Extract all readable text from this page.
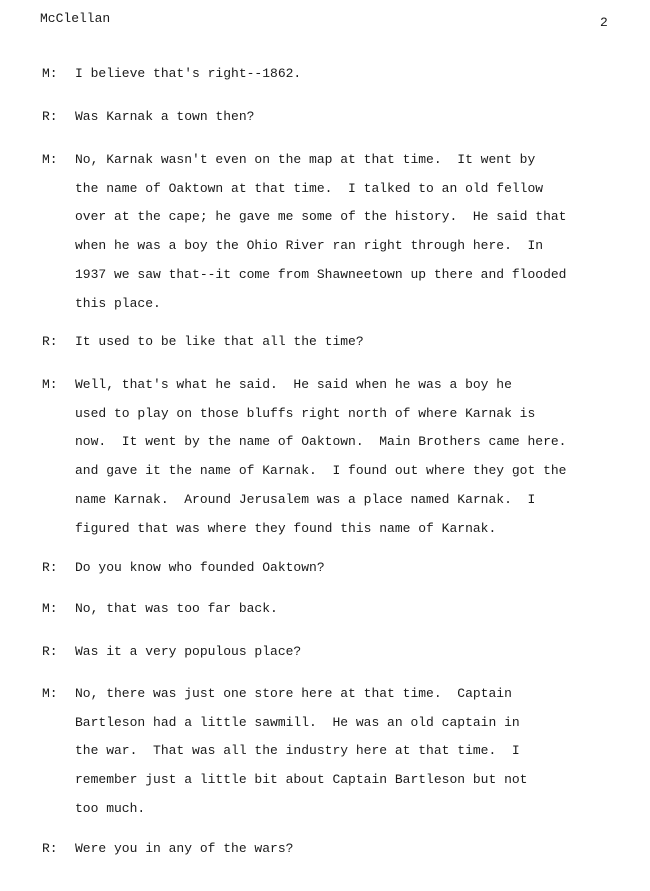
McClellan	2
M: I believe that's right--1862.
R: Was Karnak a town then?
M: No, Karnak wasn't even on the map at that time.  It went by
the name of Oaktown at that time.  I talked to an old fellow
over at the cape; he gave me some of the history.  He said that
when he was a boy the Ohio River ran right through here.  In
1937 we saw that--it come from Shawneetown up there and flooded
this place.
R: It used to be like that all the time?
M: Well, that's what he said.  He said when he was a boy he
used to play on those bluffs right north of where Karnak is
now.  It went by the name of Oaktown.  Main Brothers came here.
and gave it the name of Karnak.  I found out where they got the
name Karnak.  Around Jerusalem was a place named Karnak.  I
figured that was where they found this name of Karnak.
R: Do you know who founded Oaktown?
M: No, that was too far back.
R: Was it a very populous place?
M: No, there was just one store here at that time.  Captain
Bartleson had a little sawmill.  He was an old captain in
the war.  That was all the industry here at that time.  I
remember just a little bit about Captain Bartleson but not
too much.
R: Were you in any of the wars?
